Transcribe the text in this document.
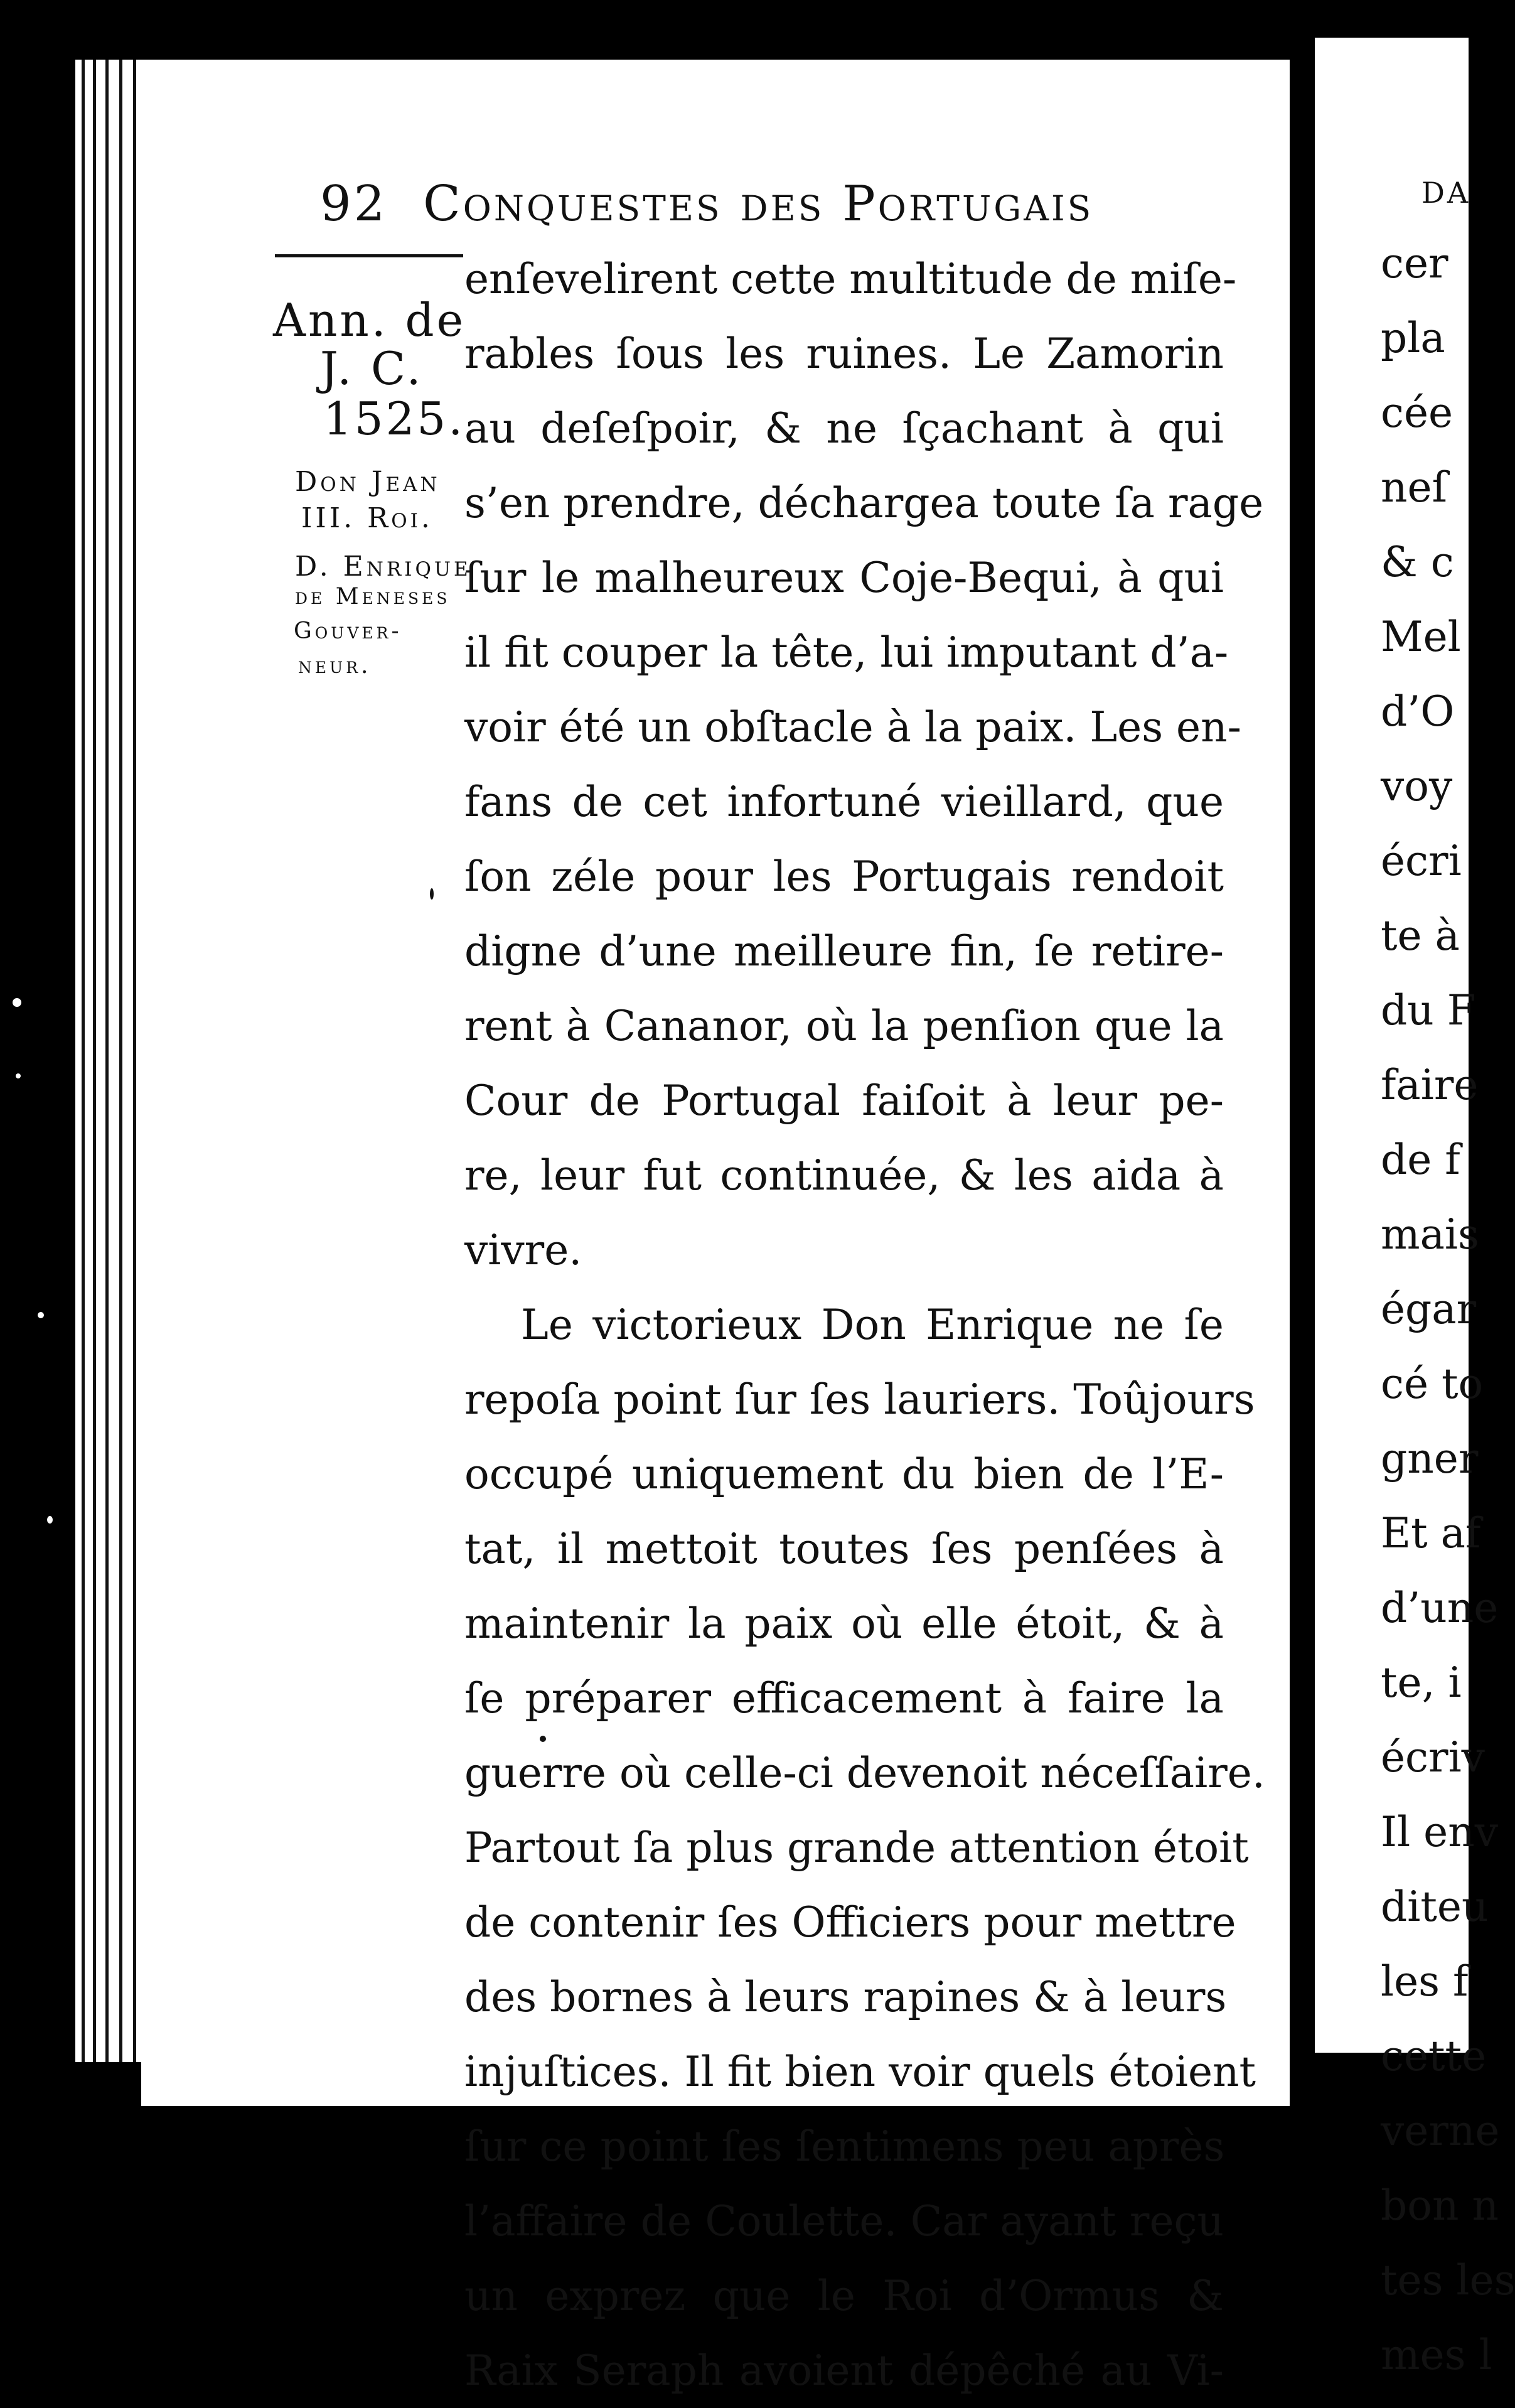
92 Conquestes des Portugais
Ann. de
J. C.
1525.
Don Jean
III. Roi.
D. Enrique
de Meneses
Gouver-
neur.
enſevelirent cette multitude de miſe-
rables ſous les ruines. Le Zamorin
au deſeſpoir, & ne ſçachant à qui
s’en prendre, déchargea toute ſa rage
ſur le malheureux Coje-Bequi, à qui
il fit couper la tête, lui imputant d’a-
voir été un obſtacle à la paix. Les en-
fans de cet infortuné vieillard, que
ſon zéle pour les Portugais rendoit
digne d’une meilleure fin, ſe retire-
rent à Cananor, où la penſion que la
Cour de Portugal faiſoit à leur pe-
re, leur fut continuée, & les aida à
vivre.
Le victorieux Don Enrique ne ſe
repoſa point ſur ſes lauriers. Toûjours
occupé uniquement du bien de l’E-
tat, il mettoit toutes ſes penſées à
maintenir la paix où elle étoit, & à
ſe préparer efficacement à faire la
guerre où celle-ci devenoit néceſſaire.
Partout ſa plus grande attention étoit
de contenir ſes Officiers pour mettre
des bornes à leurs rapines & à leurs
injuſtices. Il fit bien voir quels étoient
ſur ce point ſes ſentimens peu après
l’affaire de Coulette. Car ayant reçu
un exprez que le Roi d’Ormus &
Raix Seraph avoient dépêché au Vi-
DA
cer
pla
cée
neſ
& c
Mel
d’O
voy
écri
te à
du F
faire
de f
mais
égar
cé to
gner
Et af
d’une
te, i
écriv
Il env
diteu
les f
cette
verne
bon n
tes les
mes l
